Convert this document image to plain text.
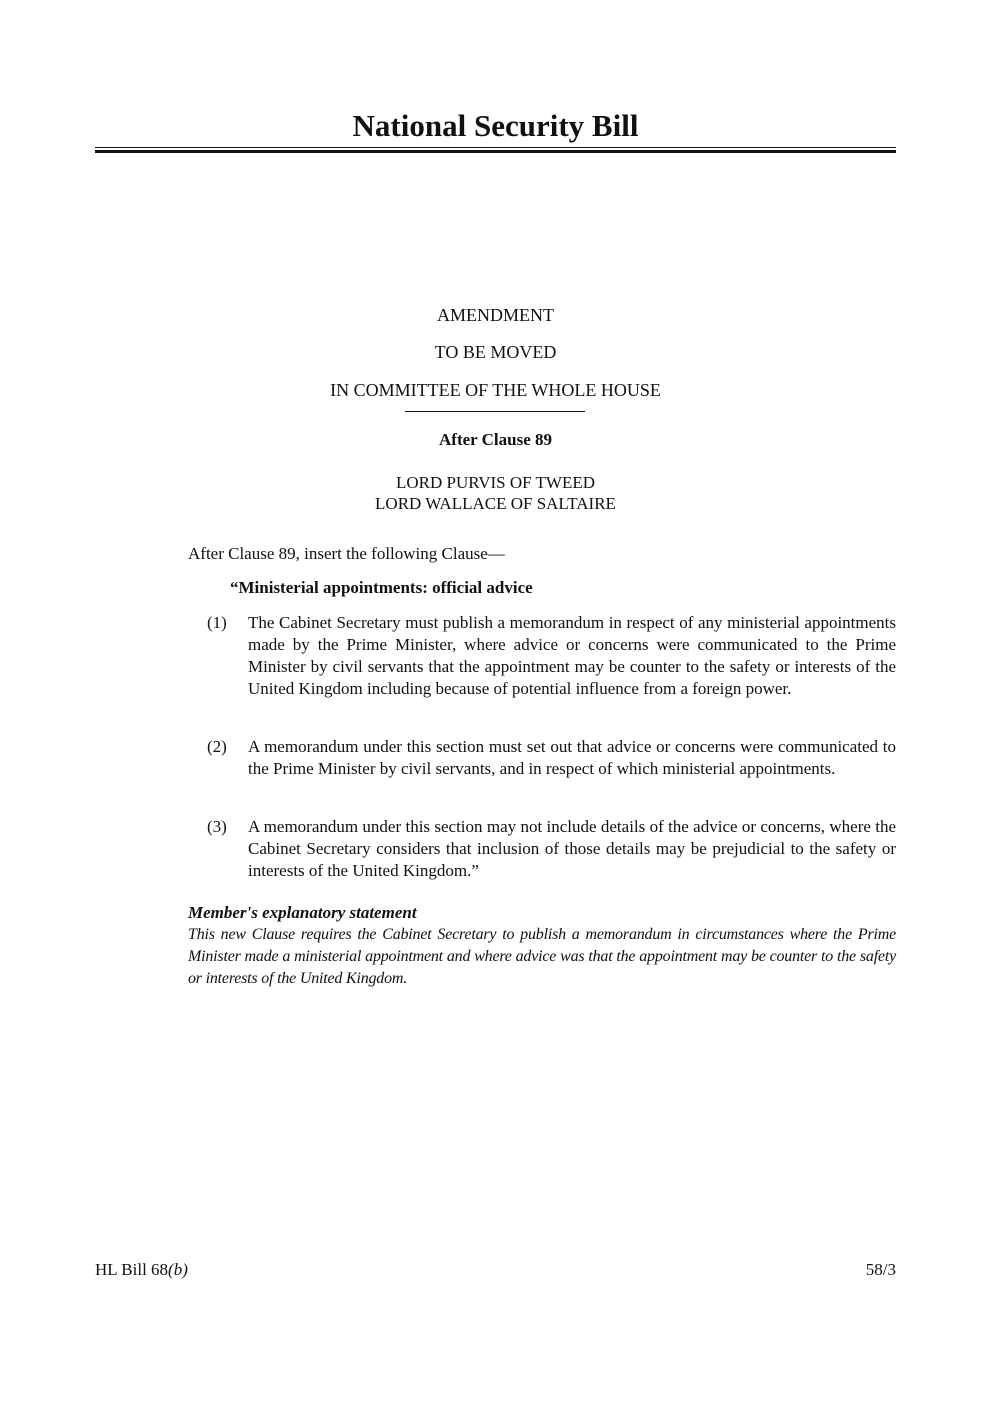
National Security Bill
AMENDMENT
TO BE MOVED
IN COMMITTEE OF THE WHOLE HOUSE
After Clause 89
LORD PURVIS OF TWEED
LORD WALLACE OF SALTAIRE
After Clause 89, insert the following Clause—
“Ministerial appointments: official advice
(1) The Cabinet Secretary must publish a memorandum in respect of any ministerial appointments made by the Prime Minister, where advice or concerns were communicated to the Prime Minister by civil servants that the appointment may be counter to the safety or interests of the United Kingdom including because of potential influence from a foreign power.
(2) A memorandum under this section must set out that advice or concerns were communicated to the Prime Minister by civil servants, and in respect of which ministerial appointments.
(3) A memorandum under this section may not include details of the advice or concerns, where the Cabinet Secretary considers that inclusion of those details may be prejudicial to the safety or interests of the United Kingdom.”
Member's explanatory statement
This new Clause requires the Cabinet Secretary to publish a memorandum in circumstances where the Prime Minister made a ministerial appointment and where advice was that the appointment may be counter to the safety or interests of the United Kingdom.
HL Bill 68(b)	58/3
